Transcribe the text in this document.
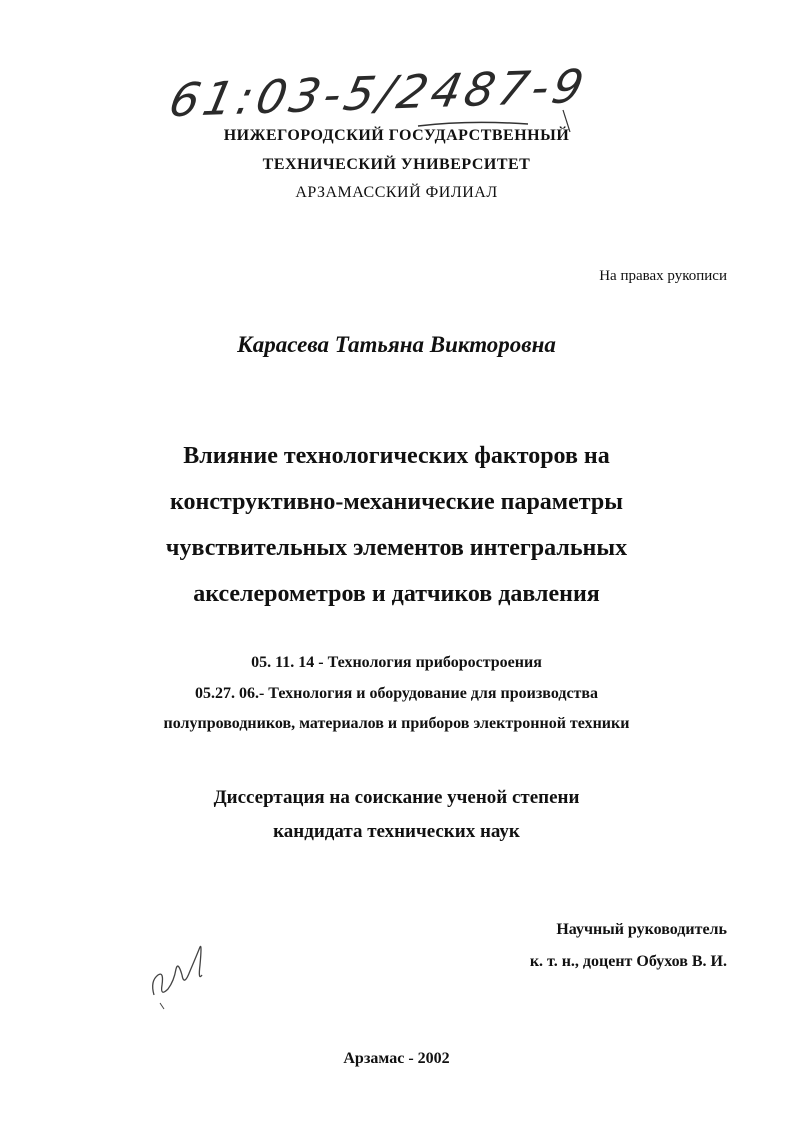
61:03-5/2487-9
НИЖЕГОРОДСКИЙ ГОСУДАРСТВЕННЫЙ
ТЕХНИЧЕСКИЙ УНИВЕРСИТЕТ
АРЗАМАССКИЙ ФИЛИАЛ
На правах рукописи
Карасева Татьяна Викторовна
Влияние технологических факторов на
конструктивно-механические параметры
чувствительных элементов интегральных
акселерометров и датчиков давления
05. 11. 14 - Технология приборостроения
05.27. 06.- Технология и оборудование для производства
полупроводников, материалов и приборов электронной техники
Диссертация на соискание ученой степени
кандидата технических наук
Научный руководитель
к. т. н., доцент Обухов В. И.
Арзамас - 2002
